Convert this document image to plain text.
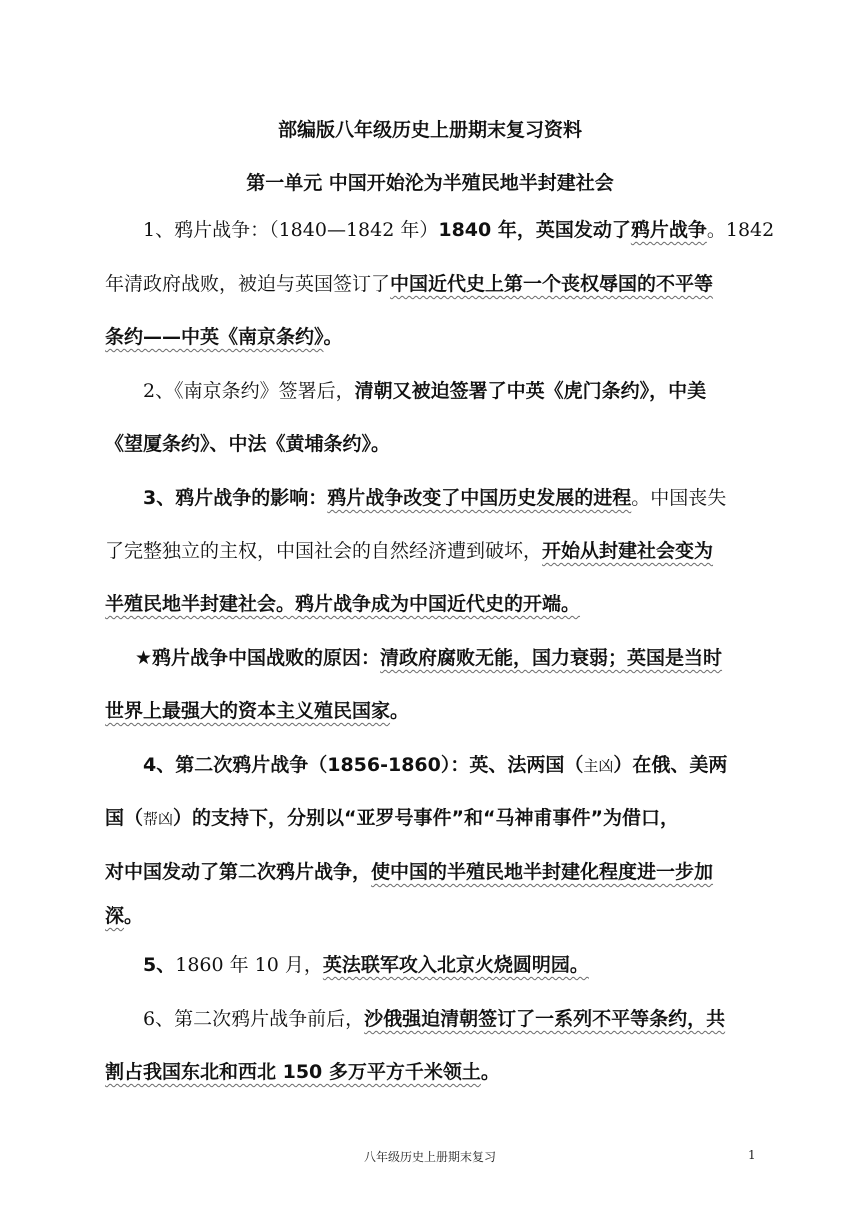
部编版八年级历史上册期末复习资料
第一单元 中国开始沦为半殖民地半封建社会
1、鸦片战争：（1840—1842 年）1840 年，英国发动了鸦片战争。1842
年清政府战败，被迫与英国签订了中国近代史上第一个丧权辱国的不平等
条约——中英《南京条约》。
2、《南京条约》签署后，清朝又被迫签署了中英《虎门条约》，中美
《望厦条约》、中法《黄埔条约》。
3、鸦片战争的影响：鸦片战争改变了中国历史发展的进程。中国丧失
了完整独立的主权，中国社会的自然经济遭到破坏，开始从封建社会变为
半殖民地半封建社会。鸦片战争成为中国近代史的开端。
★鸦片战争中国战败的原因：清政府腐败无能，国力衰弱；英国是当时
世界上最强大的资本主义殖民国家。
4、第二次鸦片战争（1856-1860）：英、法两国（主凶）在俄、美两
国（帮凶）的支持下，分别以“亚罗号事件”和“马神甫事件”为借口，
对中国发动了第二次鸦片战争，使中国的半殖民地半封建化程度进一步加
深。
5、1860 年 10 月，英法联军攻入北京火烧圆明园。
6、第二次鸦片战争前后，沙俄强迫清朝签订了一系列不平等条约，共
割占我国东北和西北 150 多万平方千米领土。
八年级历史上册期末复习	1
